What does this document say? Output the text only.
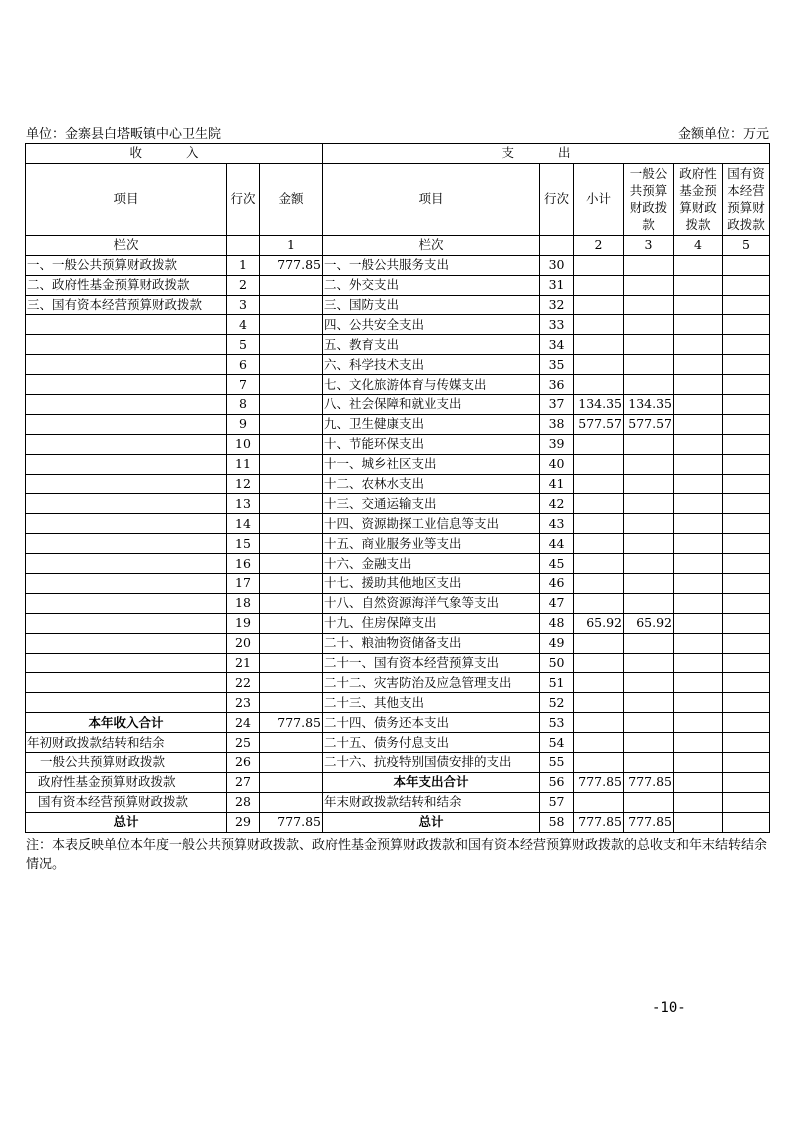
单位：金寨县白塔畈镇中心卫生院	金额单位：万元
收 入			支 出					
项目	行次	金额	项目	行次	小计	一般公共预算财政拨款	政府性基金预算财政拨款	国有资本经营预算财政拨款
栏次		1	栏次		2	3	4	5
一、一般公共预算财政拨款	1	777.85	一、一般公共服务支出	30				
二、政府性基金预算财政拨款	2		二、外交支出	31				
三、国有资本经营预算财政拨款	3		三、国防支出	32				
	4		四、公共安全支出	33				
	5		五、教育支出	34				
	6		六、科学技术支出	35				
	7		七、文化旅游体育与传媒支出	36				
	8		八、社会保障和就业支出	37	134.35	134.35		
	9		九、卫生健康支出	38	577.57	577.57		
	10		十、节能环保支出	39				
	11		十一、城乡社区支出	40				
	12		十二、农林水支出	41				
	13		十三、交通运输支出	42				
	14		十四、资源勘探工业信息等支出	43				
	15		十五、商业服务业等支出	44				
	16		十六、金融支出	45				
	17		十七、援助其他地区支出	46				
	18		十八、自然资源海洋气象等支出	47				
	19		十九、住房保障支出	48	65.92	65.92		
	20		二十、粮油物资储备支出	49				
	21		二十一、国有资本经营预算支出	50				
	22		二十二、灾害防治及应急管理支出	51				
	23		二十三、其他支出	52				
本年收入合计	24	777.85	二十四、债务还本支出	53				
年初财政拨款结转和结余	25		二十五、债务付息支出	54				
一般公共预算财政拨款	26		二十六、抗疫特别国债安排的支出	55				
政府性基金预算财政拨款	27		本年支出合计	56	777.85	777.85		
国有资本经营预算财政拨款	28		年末财政拨款结转和结余	57				
总计	29	777.85	总计	58	777.85	777.85		
注：本表反映单位本年度一般公共预算财政拨款、政府性基金预算财政拨款和国有资本经营预算财政拨款的总收支和年末结转结余情况。
-10-
